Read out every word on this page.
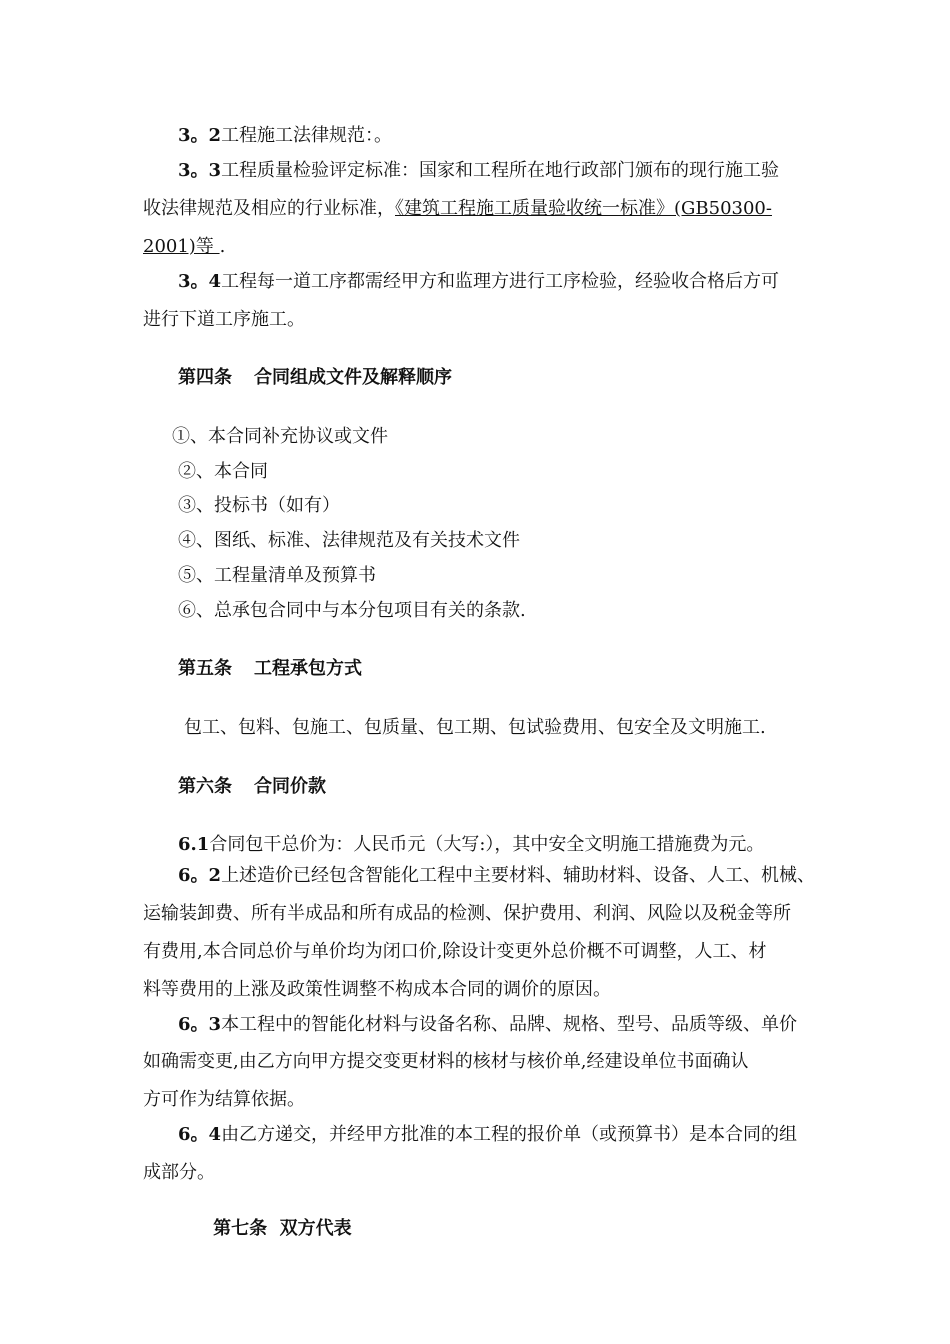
3。2工程施工法律规范：。
3。3工程质量检验评定标准：国家和工程所在地行政部门颁布的现行施工验
收法律规范及相应的行业标准，《建筑工程施工质量验收统一标准》(GB50300-
2001)等 .
3。4工程每一道工序都需经甲方和监理方进行工序检验，经验收合格后方可
进行下道工序施工。
第四条 合同组成文件及解释顺序
①、本合同补充协议或文件
②、本合同
③、投标书（如有）
④、图纸、标准、法律规范及有关技术文件
⑤、工程量清单及预算书
⑥、总承包合同中与本分包项目有关的条款.
第五条 工程承包方式
包工、包料、包施工、包质量、包工期、包试验费用、包安全及文明施工.
第六条 合同价款
6.1合同包干总价为：人民币元（大写:），其中安全文明施工措施费为元。
6。2上述造价已经包含智能化工程中主要材料、辅助材料、设备、人工、机械、
运输装卸费、所有半成品和所有成品的检测、保护费用、利润、风险以及税金等所
有费用,本合同总价与单价均为闭口价,除设计变更外总价概不可调整，人工、材
料等费用的上涨及政策性调整不构成本合同的调价的原因。
6。3本工程中的智能化材料与设备名称、品牌、规格、型号、品质等级、单价
如确需变更,由乙方向甲方提交变更材料的核材与核价单,经建设单位书面确认
方可作为结算依据。
6。4由乙方递交，并经甲方批准的本工程的报价单（或预算书）是本合同的组
成部分。

第七条  双方代表
